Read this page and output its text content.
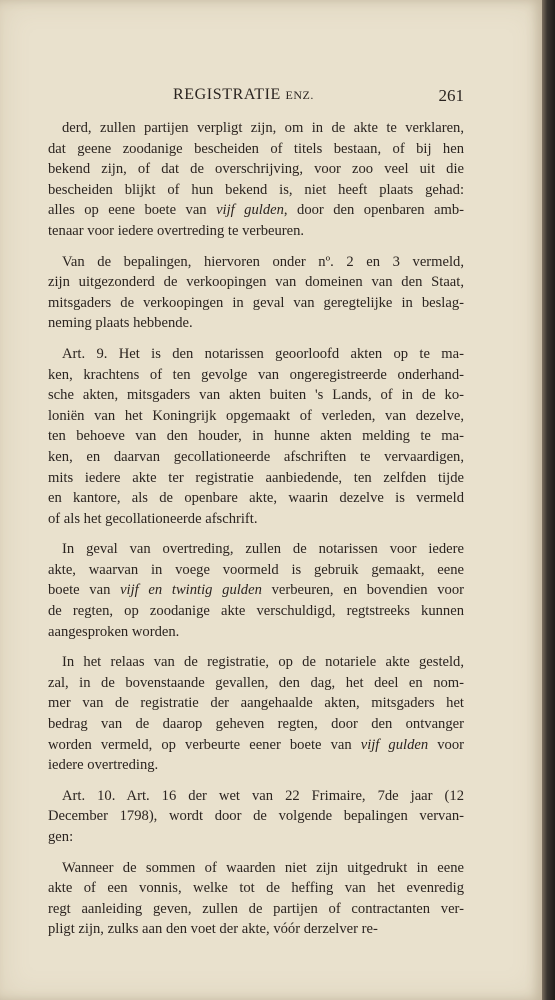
REGISTRATIE ENZ.	261
derd, zullen partijen verpligt zijn, om in de akte te verklaren,
dat geene zoodanige bescheiden of titels bestaan, of bij hen
bekend zijn, of dat de overschrijving, voor zoo veel uit die
bescheiden blijkt of hun bekend is, niet heeft plaats gehad:
alles op eene boete van vijf gulden, door den openbaren amb-
tenaar voor iedere overtreding te verbeuren.
Van de bepalingen, hiervoren onder nº. 2 en 3 vermeld,
zijn uitgezonderd de verkoopingen van domeinen van den Staat,
mitsgaders de verkoopingen in geval van geregtelijke in beslag-
neming plaats hebbende.
Art. 9. Het is den notarissen geoorloofd akten op te ma-
ken, krachtens of ten gevolge van ongeregistreerde onderhand-
sche akten, mitsgaders van akten buiten 's Lands, of in de ko-
loniën van het Koningrijk opgemaakt of verleden, van dezelve,
ten behoeve van den houder, in hunne akten melding te ma-
ken, en daarvan gecollationeerde afschriften te vervaardigen,
mits iedere akte ter registratie aanbiedende, ten zelfden tijde
en kantore, als de openbare akte, waarin dezelve is vermeld
of als het gecollationeerde afschrift.
In geval van overtreding, zullen de notarissen voor iedere
akte, waarvan in voege voormeld is gebruik gemaakt, eene
boete van vijf en twintig gulden verbeuren, en bovendien voor
de regten, op zoodanige akte verschuldigd, regtstreeks kunnen
aangesproken worden.
In het relaas van de registratie, op de notariele akte gesteld,
zal, in de bovenstaande gevallen, den dag, het deel en nom-
mer van de registratie der aangehaalde akten, mitsgaders het
bedrag van de daarop geheven regten, door den ontvanger
worden vermeld, op verbeurte eener boete van vijf gulden voor
iedere overtreding.
Art. 10. Art. 16 der wet van 22 Frimaire, 7de jaar (12
December 1798), wordt door de volgende bepalingen vervan-
gen:
Wanneer de sommen of waarden niet zijn uitgedrukt in eene
akte of een vonnis, welke tot de heffing van het evenredig
regt aanleiding geven, zullen de partijen of contractanten ver-
pligt zijn, zulks aan den voet der akte, vóór derzelver re-
